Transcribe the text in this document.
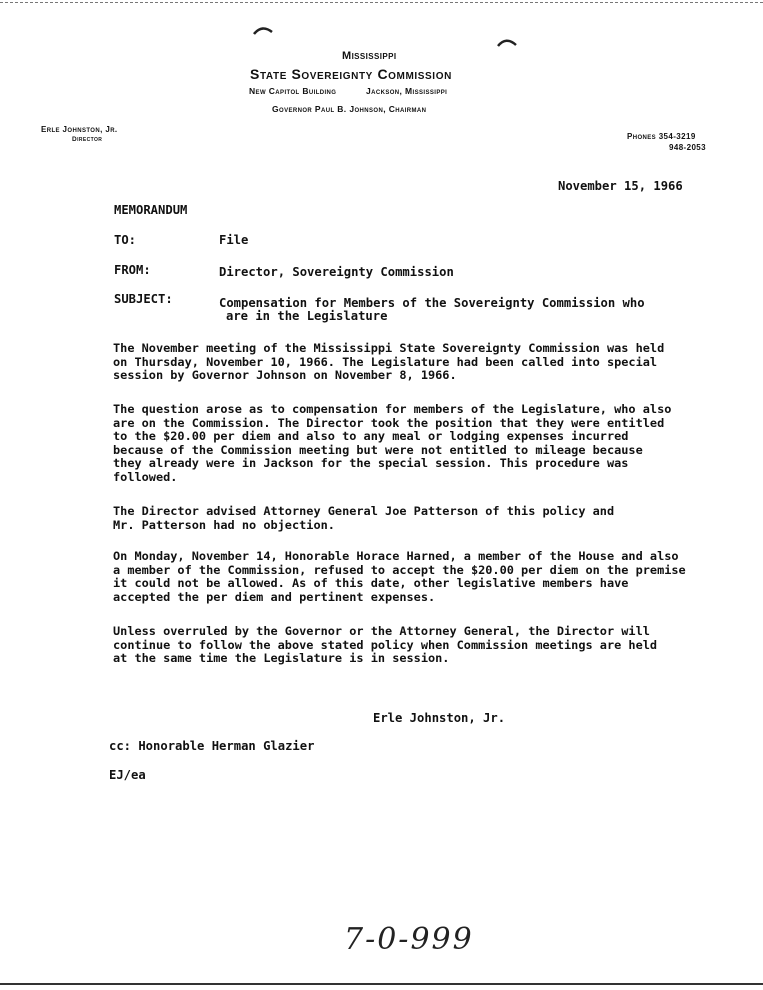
Mississippi
State Sovereignty Commission
New Capitol Building	Jackson, Mississippi
Governor Paul B. Johnson, Chairman
Erle Johnston, Jr.
Director	Phones 354-3219
948-2053
November 15, 1966
MEMORANDUM
TO:	File
FROM:	Director, Sovereignty Commission
SUBJECT:	Compensation for Members of the Sovereignty Commission who
are in the Legislature
The November meeting of the Mississippi State Sovereignty Commission was held
on Thursday, November 10, 1966. The Legislature had been called into special
session by Governor Johnson on November 8, 1966.
The question arose as to compensation for members of the Legislature, who also
are on the Commission. The Director took the position that they were entitled
to the $20.00 per diem and also to any meal or lodging expenses incurred
because of the Commission meeting but were not entitled to mileage because
they already were in Jackson for the special session. This procedure was
followed.
The Director advised Attorney General Joe Patterson of this policy and
Mr. Patterson had no objection.
On Monday, November 14, Honorable Horace Harned, a member of the House and also
a member of the Commission, refused to accept the $20.00 per diem on the premise
it could not be allowed. As of this date, other legislative members have
accepted the per diem and pertinent expenses.
Unless overruled by the Governor or the Attorney General, the Director will
continue to follow the above stated policy when Commission meetings are held
at the same time the Legislature is in session.
Erle Johnston, Jr.
cc: Honorable Herman Glazier
EJ/ea
7-0-999
